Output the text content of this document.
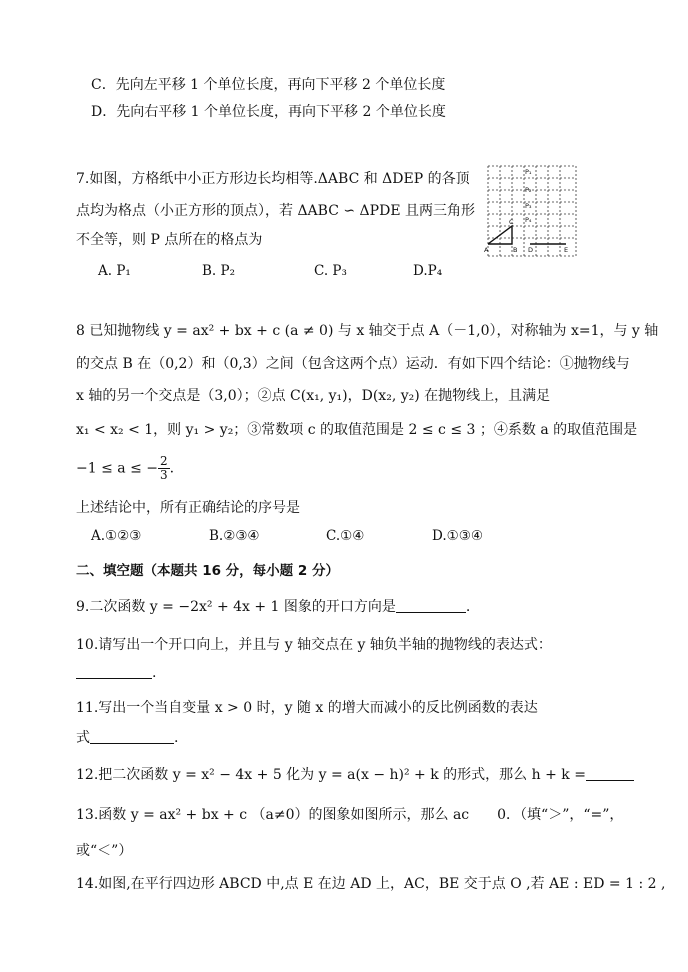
C．先向左平移 1 个单位长度，再向下平移 2 个单位长度
D．先向右平移 1 个单位长度，再向下平移 2 个单位长度
7.如图，方格纸中小正方形边长均相等.ΔABC 和 ΔDEP 的各顶
点均为格点（小正方形的顶点），若 ΔABC ∽ ΔPDE 且两三角形
不全等，则 P 点所在的格点为
A. P₁	B. P₂	C. P₃	D.P₄
P₁
P₂
P₃
P₄
C
A	B D	E
8 已知抛物线 y = ax² + bx + c (a ≠ 0) 与 x 轴交于点 A（－1,0），对称轴为 x=1，与 y 轴
的交点 B 在（0,2）和（0,3）之间（包含这两个点）运动．有如下四个结论：①抛物线与
x 轴的另一个交点是（3,0）；②点 C(x₁, y₁)，D(x₂, y₂) 在抛物线上，且满足
x₁ < x₂ < 1，则 y₁ > y₂；③常数项 c 的取值范围是 2 ≤ c ≤ 3 ；④系数 a 的取值范围是
−1 ≤ a ≤ − $\frac{2}{3}$ .
上述结论中，所有正确结论的序号是
A.①②③	B.②③④	C.①④	D.①③④
二、填空题（本题共 16 分，每小题 2 分）
9.二次函数 y = −2x² + 4x + 1 图象的开口方向是	.
10.请写出一个开口向上，并且与 y 轴交点在 y 轴负半轴的抛物线的表达式：
.
11.写出一个当自变量 x > 0 时，y 随 x 的增大而减小的反比例函数的表达
式	.
12.把二次函数 y = x² − 4x + 5 化为 y = a(x − h)² + k 的形式，那么 h + k =
13.函数 y = ax² + bx + c （a≠0）的图象如图所示，那么 ac　　0．（填“＞”，“=”，
或“＜”）
14.如图,在平行四边形 ABCD 中,点 E 在边 AD 上，AC，BE 交于点 O ,若 AE : ED = 1 : 2 ,
